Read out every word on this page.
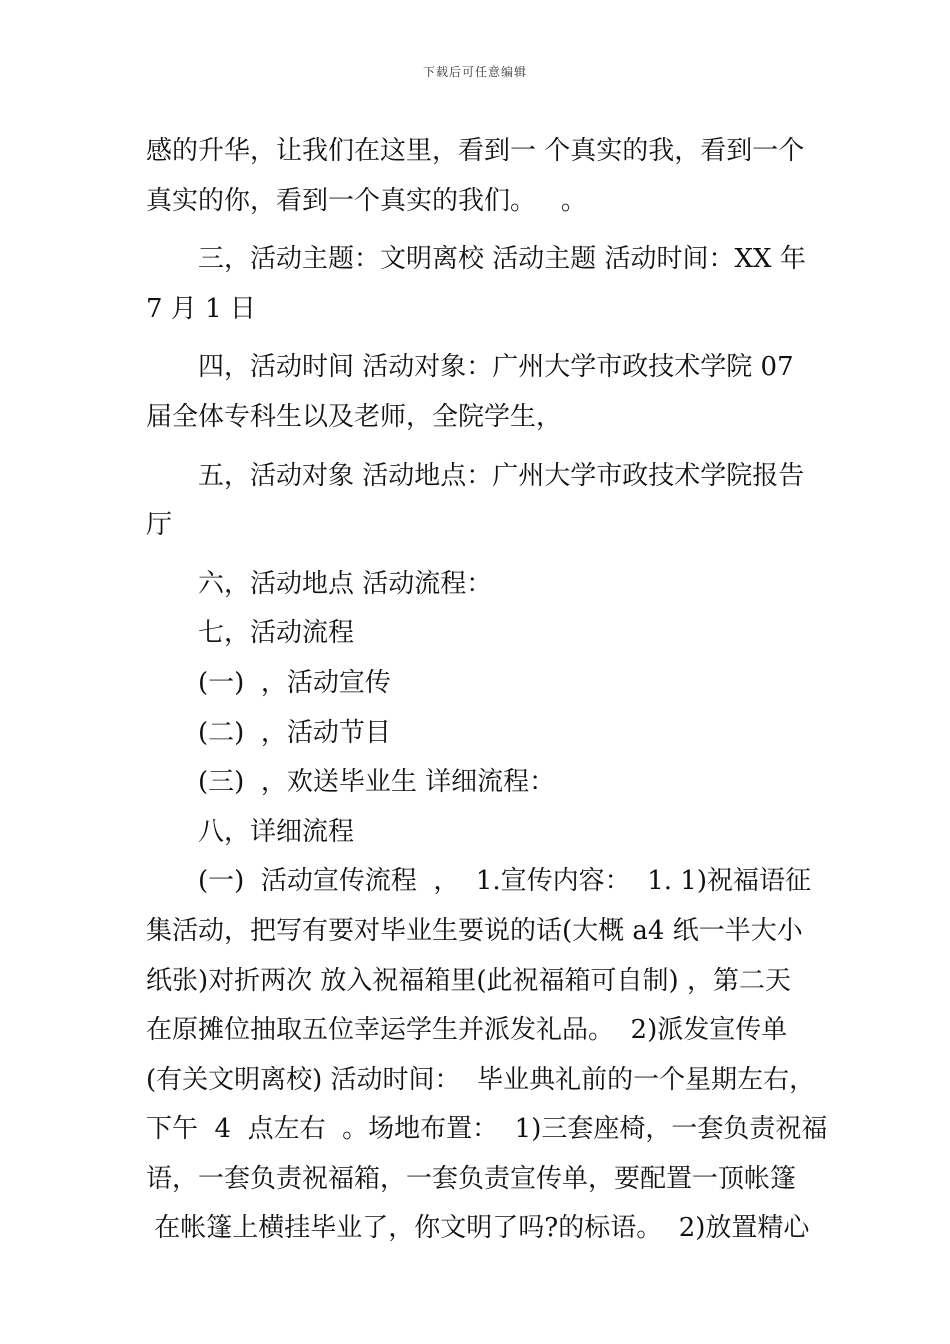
下载后可任意编辑
感的升华，让我们在这里，看到一 个真实的我，看到一个
真实的你，看到一个真实的我们。   。
三，活动主题：文明离校 活动主题 活动时间：XX 年
7 月 1 日
四，活动时间 活动对象：广州大学市政技术学院 07
届全体专科生以及老师，全院学生，
五，活动对象 活动地点：广州大学市政技术学院报告
厅
六，活动地点 活动流程：
七，活动流程
(一)  ，活动宣传
(二)  ，活动节目
(三)  ，欢送毕业生 详细流程：
八，详细流程
(一)  活动宣传流程  ，  1.宣传内容：  1. 1)祝福语征
集活动，把写有要对毕业生要说的话(大概 a4 纸一半大小
纸张)对折两次 放入祝福箱里(此祝福箱可自制) ，第二天
在原摊位抽取五位幸运学生并派发礼品。  2)派发宣传单
(有关文明离校) 活动时间：  毕业典礼前的一个星期左右，
下午  4  点左右  。场地布置：  1)三套座椅，一套负责祝福
语，一套负责祝福箱，一套负责宣传单，要配置一顶帐篷
在帐篷上横挂毕业了，你文明了吗?的标语。  2)放置精心
